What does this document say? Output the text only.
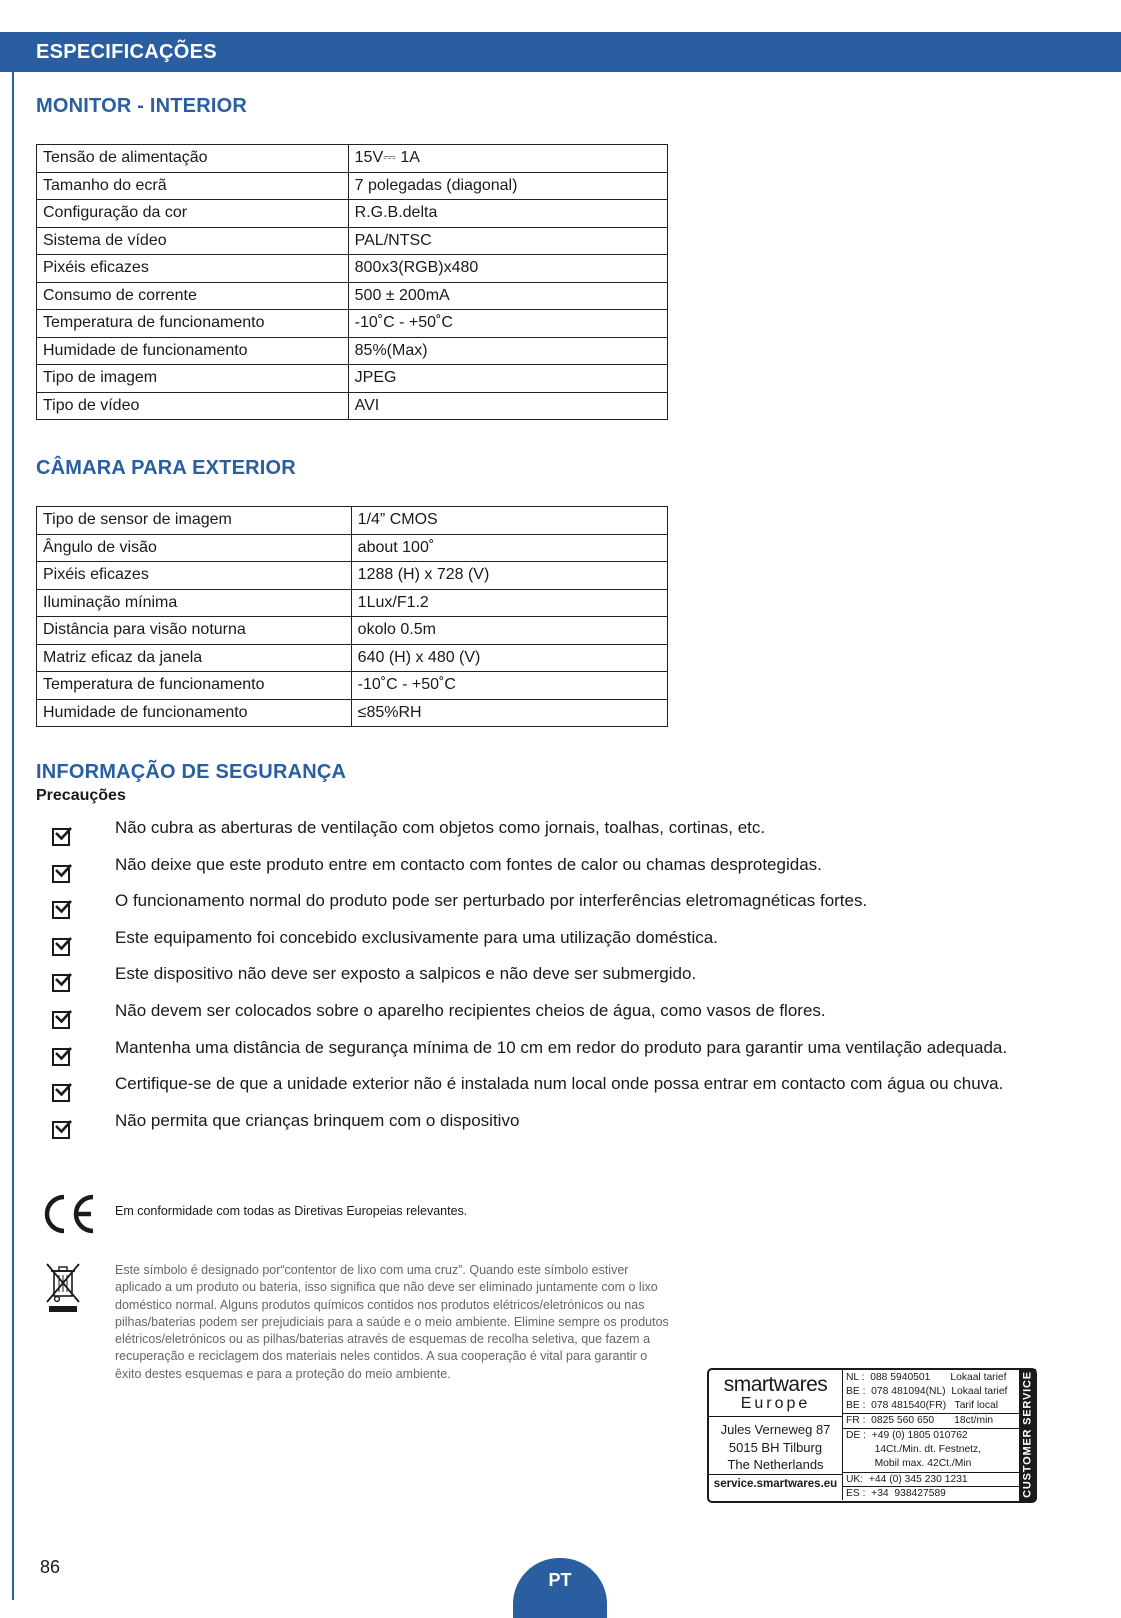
ESPECIFICAÇÕES
MONITOR - INTERIOR
Tensão de alimentação	15V⎓ 1A
Tamanho do ecrã	7 polegadas (diagonal)
Configuração da cor	R.G.B.delta
Sistema de vídeo	PAL/NTSC
Pixéis eficazes	800x3(RGB)x480
Consumo de corrente	500 ± 200mA
Temperatura de funcionamento	-10˚C - +50˚C
Humidade de funcionamento	85%(Max)
Tipo de imagem	JPEG
Tipo de vídeo	AVI
CÂMARA PARA EXTERIOR
Tipo de sensor de imagem	1/4” CMOS
Ângulo de visão	about 100˚
Pixéis eficazes	1288 (H) x 728 (V)
Iluminação mínima	1Lux/F1.2
Distância para visão noturna	okolo 0.5m
Matriz eficaz da janela	640 (H) x 480 (V)
Temperatura de funcionamento	-10˚C - +50˚C
Humidade de funcionamento	≤85%RH
INFORMAÇÃO DE SEGURANÇA
Precauções
Não cubra as aberturas de ventilação com objetos como jornais, toalhas, cortinas, etc.
Não deixe que este produto entre em contacto com fontes de calor ou chamas desprotegidas.
O funcionamento normal do produto pode ser perturbado por interferências eletromagnéticas fortes.
Este equipamento foi concebido exclusivamente para uma utilização doméstica.
Este dispositivo não deve ser exposto a salpicos e não deve ser submergido.
Não devem ser colocados sobre o aparelho recipientes cheios de água, como vasos de flores.
Mantenha uma distância de segurança mínima de 10 cm em redor do produto para garantir uma ventilação adequada.
Certifique-se de que a unidade exterior não é instalada num local onde possa entrar em contacto com água ou chuva.
Não permita que crianças brinquem com o dispositivo
Em conformidade com todas as Diretivas Europeias relevantes.
Este símbolo é designado por“contentor de lixo com uma cruz”. Quando este símbolo estiver aplicado a um produto ou bateria, isso significa que não deve ser eliminado juntamente com o lixo doméstico normal. Alguns produtos químicos contidos nos produtos elétricos/eletrónicos ou nas pilhas/baterias podem ser prejudiciais para a saúde e o meio ambiente. Elimine sempre os produtos elétricos/eletrónicos ou as pilhas/baterias através de esquemas de recolha seletiva, que fazem a recuperação e reciclagem dos materiais neles contidos. A sua cooperação é vital para garantir o êxito destes esquemas e para a proteção do meio ambiente.	smartwares
Europe
Jules Verneweg 87
5015 BH Tilburg
The Netherlands
service.smartwares.eu
NL :  088 5940501       Lokaal tarief
BE :  078 481094(NL)  Lokaal tarief
BE :  078 481540(FR)   Tarif local
FR :  0825 560 650       18ct/min
DE :  +49 (0) 1805 010762
14Ct./Min. dt. Festnetz,
Mobil max. 42Ct./Min
UK:  +44 (0) 345 230 1231
ES :  +34  938427589	CUSTOMER SERVICE
86
PT
